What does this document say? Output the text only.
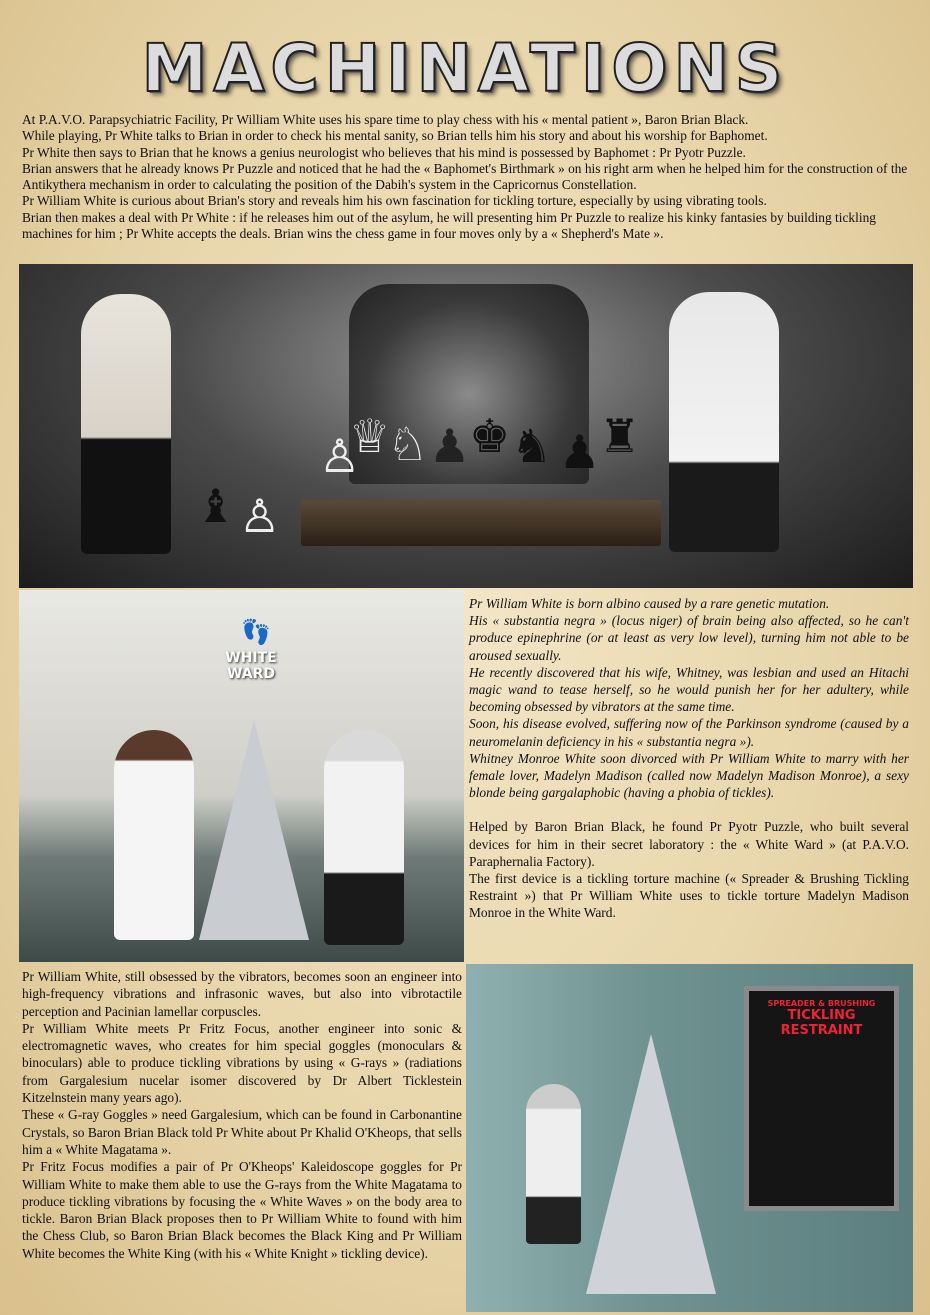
MACHINATIONS

At P.A.V.O. Parapsychiatric Facility, Pr William White uses his spare time to play chess with his « mental patient », Baron Brian Black.

While playing, Pr White talks to Brian in order to check his mental sanity, so Brian tells him his story and about his worship for Baphomet.

Pr White then says to Brian that he knows a genius neurologist who believes that his mind is possessed by Baphomet : Pr Pyotr Puzzle.

Brian answers that he already knows Pr Puzzle and noticed that he had the « Baphomet's Birthmark » on his right arm when he helped him for the construction of the Antikythera mechanism in order to calculating the position of the Dabih's system in the Capricornus Constellation.

Pr William White is curious about Brian's story and reveals him his own fascination for tickling torture, especially by using vibrating tools.

Brian then makes a deal with Pr White : if he releases him out of the asylum, he will presenting him Pr Puzzle to realize his kinky fantasies by building tickling machines for him ; Pr White accepts the deals. Brian wins the chess game in four moves only by a « Shepherd's Mate ».

♙
♕
♘ ♟
♚ ♞ ♟
♜
♝ ♙
👣
WHITE WARD

Pr William White is born albino caused by a rare genetic mutation.

His « substantia negra » (locus niger) of brain being also affected, so he can't produce epinephrine (or at least as very low level), turning him not able to be aroused sexually.

He recently discovered that his wife, Whitney, was lesbian and used an Hitachi magic wand to tease herself, so he would punish her for her adultery, while becoming obsessed by vibrators at the same time.

Soon, his disease evolved, suffering now of the Parkinson syndrome (caused by a neuromelanin deficiency in his « substantia negra »).

Whitney Monroe White soon divorced with Pr William White to marry with her female lover, Madelyn Madison (called now Madelyn Madison Monroe), a sexy blonde being gargalaphobic (having a phobia of tickles).

Helped by Baron Brian Black, he found Pr Pyotr Puzzle, who built several devices for him in their secret laboratory : the « White Ward » (at P.A.V.O. Paraphernalia Factory).

The first device is a tickling torture machine (« Spreader & Brushing Tickling Restraint ») that Pr William White uses to tickle torture Madelyn Madison Monroe in the White Ward.

Pr William White, still obsessed by the vibrators, becomes soon an engineer into high-frequency vibrations and infrasonic waves, but also into vibrotactile perception and Pacinian lamellar corpuscles.

Pr William White meets Pr Fritz Focus, another engineer into sonic & electromagnetic waves, who creates for him special goggles (monoculars & binoculars) able to produce tickling vibrations by using « G-rays » (radiations from Gargalesium nucelar isomer discovered by Dr Albert Ticklestein Kitzelnstein many years ago).

These « G-ray Goggles » need Gargalesium, which can be found in Carbonantine Crystals, so Baron Brian Black told Pr White about Pr Khalid O'Kheops, that sells him a « White Magatama ».

Pr Fritz Focus modifies a pair of Pr O'Kheops' Kaleidoscope goggles for Pr William White to make them able to use the G-rays from the White Magatama to produce tickling vibrations by focusing the « White Waves » on the body area to tickle. Baron Brian Black proposes then to Pr William White to found with him the Chess Club, so Baron Brian Black becomes the Black King and Pr William White becomes the White King (with his « White Knight » tickling device).

SPREADER & BRUSHING
TICKLING RESTRAINT
